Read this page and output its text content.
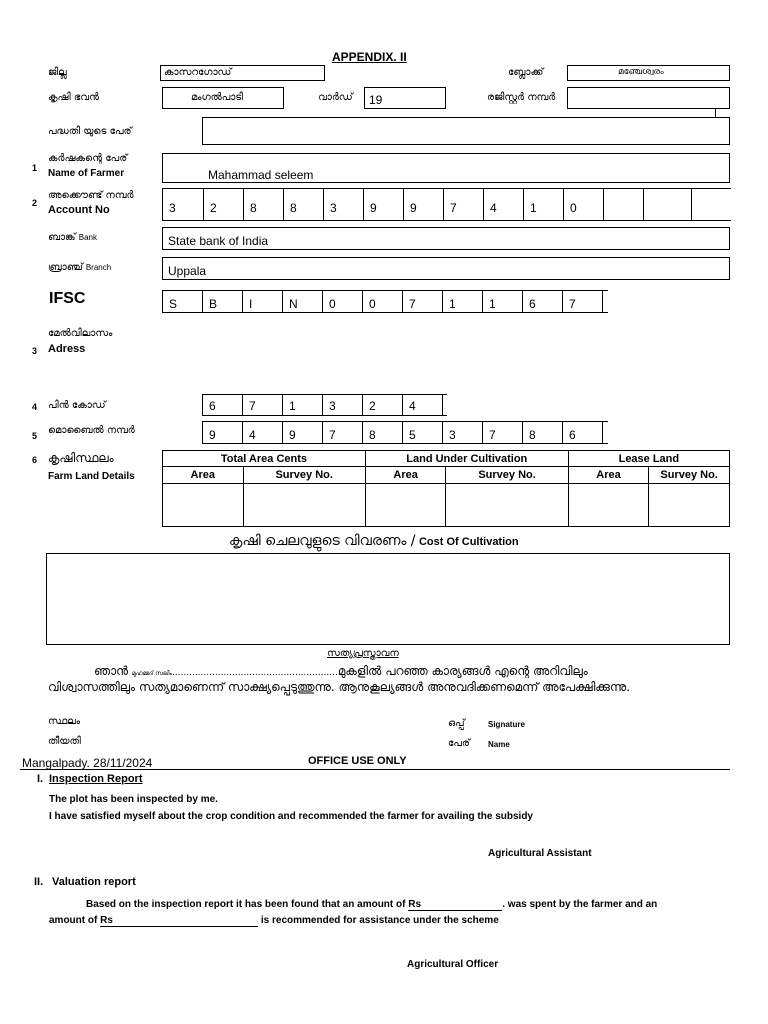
APPENDIX. II
ജില്ല	കാസറഗോഡ്	ബ്ലോക്ക്	മഞ്ചേശ്വരം
കൃഷി ഭവൻ	മംഗൽപാടി	വാർഡ് 19	രജിസ്റ്റർ നമ്പർ
പദ്ധതി യുടെ പേര്
1
കർഷകന്റെ പേര്
Name of Farmer	Mahammad seleem
2
അക്കൌണ്ട് നമ്പർ
Account No	3	2	8	8	3	9	9	7	4	1	0
ബാങ്ക് Bank	State bank of India
ബ്രാഞ്ച് Branch	Uppala
IFSC	S	B	I	N	0	0	7	1	1	6	7
3
മേൽവിലാസം
Adress
4 പിൻ കോഡ്	6	7	1	3	2	4
5 മൊബൈൽ നമ്പർ	9	4	9	7	8	5	3	7	8	6
6 കൃഷിസ്ഥലം
Farm Land Details
Total Area Cents		Land Under Cultivation		Lease Land	
Area	Survey No.	Area	Survey No.	Area	Survey No.

കൃഷി ചെലവുളുടെ വിവരണം / Cost Of Cultivation
സത്യപ്രസ്താവന
ഞാൻ മുഹമ്മദ് സലീം..........................................................മുകളിൽ പറഞ്ഞ കാര്യങ്ങൾ എന്റെ അറിവിലും
വിശ്വാസത്തിലും സത്യമാണെന്ന് സാക്ഷ്യപ്പെടുത്തുന്നു. ആനുകൂല്യങ്ങൾ അനുവദിക്കണമെന്ന് അപേക്ഷിക്കുന്നു.
സ്ഥലം
തീയതി
ഒപ്പ്	Signature
പേര് Name
Mangalpady. 28/11/2024	OFFICE USE ONLY
I. Inspection Report
The plot has been inspected by me.
I have satisfied myself about the crop condition and recommended the farmer for availing the subsidy
Agricultural Assistant
II. Valuation report
Based on the inspection report it has been found that an amount of Rs	. was spent by the farmer and an
amount of Rs	is recommended for assistance under the scheme
Agricultural Officer
